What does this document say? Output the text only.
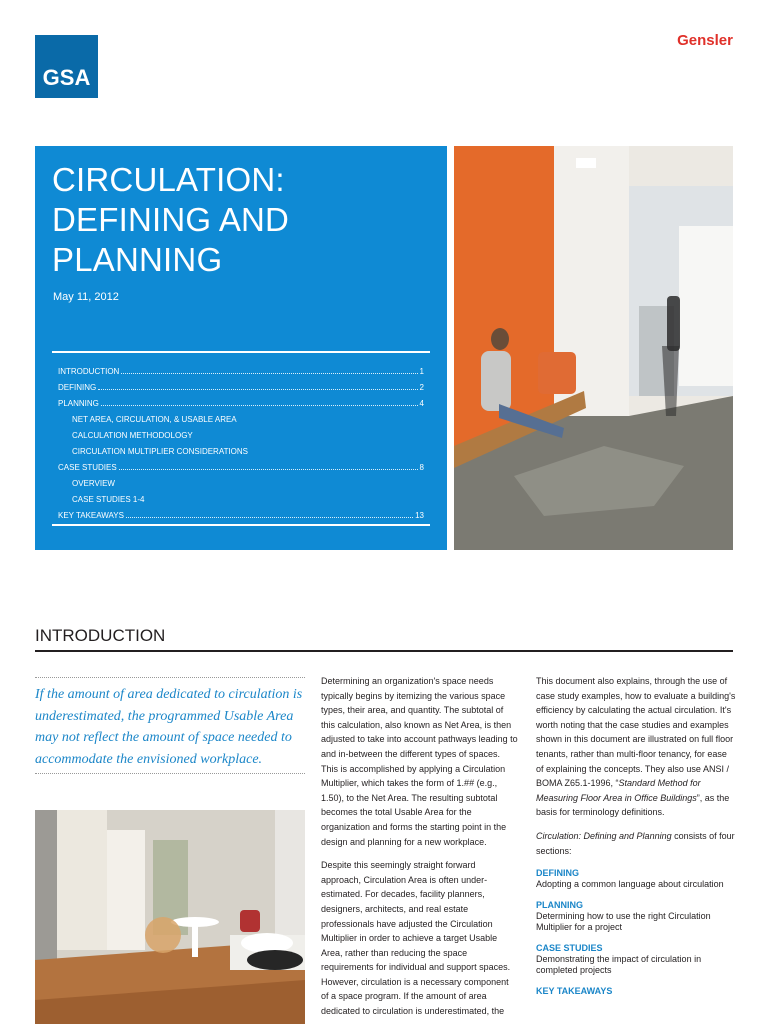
GSA
Gensler
CIRCULATION:
DEFINING AND
PLANNING
May 11, 2012
INTRODUCTION	1
DEFINING	2
PLANNING	4
NET AREA, CIRCULATION, & USABLE AREA
CALCULATION METHODOLOGY
CIRCULATION MULTIPLIER CONSIDERATIONS
CASE STUDIES	8
OVERVIEW
CASE STUDIES 1-4
KEY TAKEAWAYS	13
INTRODUCTION
If the amount of area dedicated to circulation is underestimated, the programmed Usable Area may not reflect the amount of space needed to accommodate the envisioned workplace.

Determining an organization's space needs typically begins by itemizing the various space types, their area, and quantity. The subtotal of this calculation, also known as Net Area, is then adjusted to take into account pathways leading to and in-between the different types of spaces. This is accomplished by applying a Circulation Multiplier, which takes the form of 1.## (e.g., 1.50), to the Net Area. The resulting subtotal becomes the total Usable Area for the organization and forms the starting point in the design and planning for a new workplace.

Despite this seemingly straight forward approach, Circulation Area is often under-estimated. For decades, facility planners, designers, architects, and real estate professionals have adjusted the Circulation Multiplier in order to achieve a target Usable Area, rather than reducing the space requirements for individual and support spaces. However, circulation is a necessary component of a space program. If the amount of area dedicated to circulation is underestimated, the

This document also explains, through the use of case study examples, how to evaluate a building's efficiency by calculating the actual circulation. It's worth noting that the case studies and examples shown in this document are illustrated on full floor tenants, rather than multi-floor tenancy, for ease of explaining the concepts. They also use ANSI / BOMA Z65.1-1996, “Standard Method for Measuring Floor Area in Office Buildings”, as the basis for terminology definitions.

Circulation: Defining and Planning consists of four sections:

DEFINING
Adopting a common language about circulation
PLANNING
Determining how to use the right Circulation Multiplier for a project
CASE STUDIES
Demonstrating the impact of circulation in completed projects
KEY TAKEAWAYS
